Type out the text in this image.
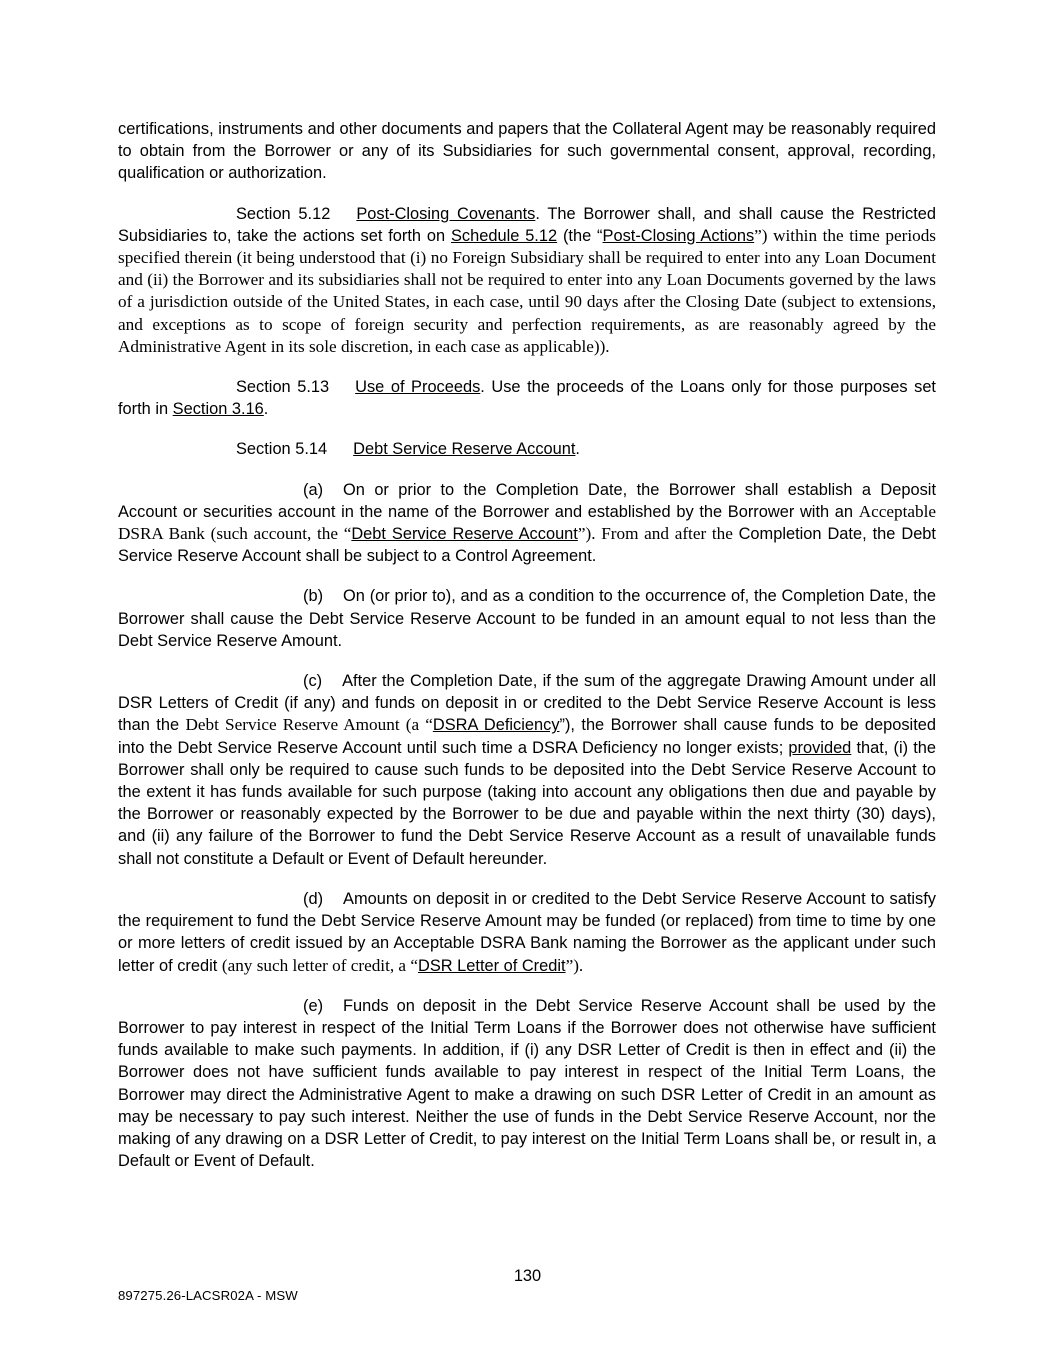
certifications, instruments and other documents and papers that the Collateral Agent may be reasonably required to obtain from the Borrower or any of its Subsidiaries for such governmental consent, approval, recording, qualification or authorization.

Section 5.12 Post-Closing Covenants. The Borrower shall, and shall cause the Restricted Subsidiaries to, take the actions set forth on Schedule 5.12 (the “Post-Closing Actions”) within the time periods specified therein (it being understood that (i) no Foreign Subsidiary shall be required to enter into any Loan Document and (ii) the Borrower and its subsidiaries shall not be required to enter into any Loan Documents governed by the laws of a jurisdiction outside of the United States, in each case, until 90 days after the Closing Date (subject to extensions, and exceptions as to scope of foreign security and perfection requirements, as are reasonably agreed by the Administrative Agent in its sole discretion, in each case as applicable)).

Section 5.13 Use of Proceeds. Use the proceeds of the Loans only for those purposes set forth in Section 3.16.

Section 5.14 Debt Service Reserve Account.

(a) On or prior to the Completion Date, the Borrower shall establish a Deposit Account or securities account in the name of the Borrower and established by the Borrower with an Acceptable DSRA Bank (such account, the “Debt Service Reserve Account”). From and after the Completion Date, the Debt Service Reserve Account shall be subject to a Control Agreement.

(b) On (or prior to), and as a condition to the occurrence of, the Completion Date, the Borrower shall cause the Debt Service Reserve Account to be funded in an amount equal to not less than the Debt Service Reserve Amount.

(c) After the Completion Date, if the sum of the aggregate Drawing Amount under all DSR Letters of Credit (if any) and funds on deposit in or credited to the Debt Service Reserve Account is less than the Debt Service Reserve Amount (a “DSRA Deficiency”), the Borrower shall cause funds to be deposited into the Debt Service Reserve Account until such time a DSRA Deficiency no longer exists; provided that, (i) the Borrower shall only be required to cause such funds to be deposited into the Debt Service Reserve Account to the extent it has funds available for such purpose (taking into account any obligations then due and payable by the Borrower or reasonably expected by the Borrower to be due and payable within the next thirty (30) days), and (ii) any failure of the Borrower to fund the Debt Service Reserve Account as a result of unavailable funds shall not constitute a Default or Event of Default hereunder.

(d) Amounts on deposit in or credited to the Debt Service Reserve Account to satisfy the requirement to fund the Debt Service Reserve Amount may be funded (or replaced) from time to time by one or more letters of credit issued by an Acceptable DSRA Bank naming the Borrower as the applicant under such letter of credit (any such letter of credit, a “DSR Letter of Credit”).

(e) Funds on deposit in the Debt Service Reserve Account shall be used by the Borrower to pay interest in respect of the Initial Term Loans if the Borrower does not otherwise have sufficient funds available to make such payments. In addition, if (i) any DSR Letter of Credit is then in effect and (ii) the Borrower does not have sufficient funds available to pay interest in respect of the Initial Term Loans, the Borrower may direct the Administrative Agent to make a drawing on such DSR Letter of Credit in an amount as may be necessary to pay such interest. Neither the use of funds in the Debt Service Reserve Account, nor the making of any drawing on a DSR Letter of Credit, to pay interest on the Initial Term Loans shall be, or result in, a Default or Event of Default.

130
897275.26-LACSR02A - MSW
